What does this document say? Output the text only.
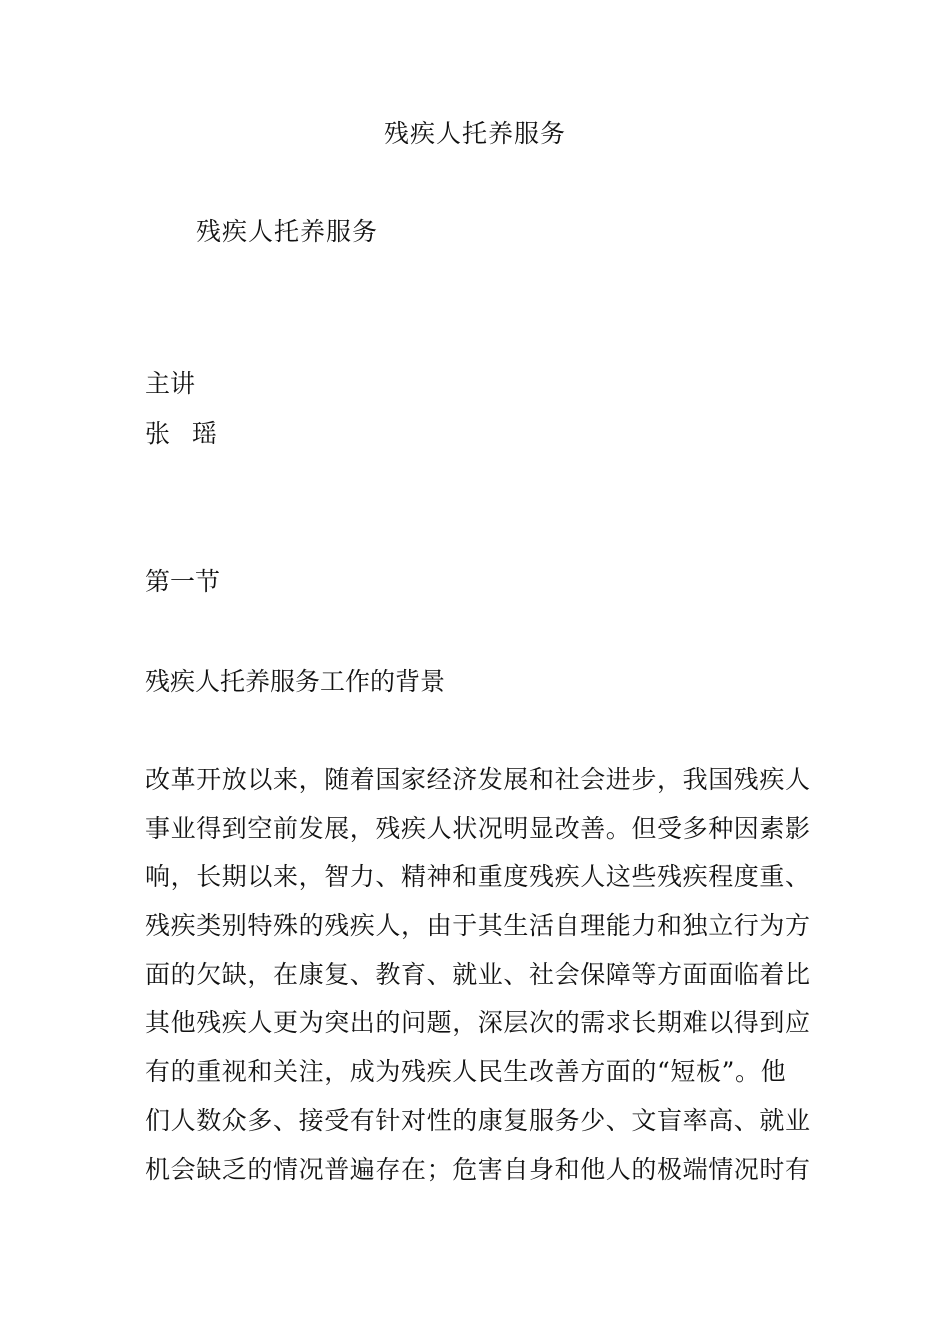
残疾人托养服务

残疾人托养服务

主讲

张  瑶

第一节

残疾人托养服务工作的背景

改革开放以来，随着国家经济发展和社会进步，我国残疾人
事业得到空前发展，残疾人状况明显改善。但受多种因素影
响，长期以来，智力、精神和重度残疾人这些残疾程度重、
残疾类别特殊的残疾人，由于其生活自理能力和独立行为方
面的欠缺，在康复、教育、就业、社会保障等方面面临着比
其他残疾人更为突出的问题，深层次的需求长期难以得到应
有的重视和关注，成为残疾人民生改善方面的“短板”。他
们人数众多、接受有针对性的康复服务少、文盲率高、就业
机会缺乏的情况普遍存在；危害自身和他人的极端情况时有
